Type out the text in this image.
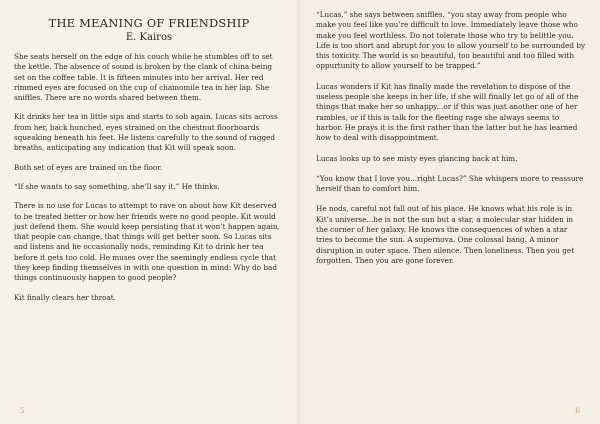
THE MEANING OF FRIENDSHIP
E. Kairos

She seats herself on the edge of his couch while he stumbles off to set the kettle. The absence of sound is broken by the clank of china being set on the coffee table. It is fifteen minutes into her arrival. Her red rimmed eyes are focused on the cup of chamomile tea in her lap. She sniffles. There are no words shared between them.

Kit drinks her tea in little sips and starts to sob again. Lucas sits across from her, back hunched, eyes strained on the chestnut floorboards squeaking beneath his feet. He listens carefully to the sound of ragged breaths, anticipating any indication that Kit will speak soon.

Both set of eyes are trained on the floor.

“If she wants to say something, she’ll say it.” He thinks.

There is no use for Lucas to attempt to rave on about how Kit deserved to be treated better or how her friends were no good people. Kit would just defend them. She would keep persisting that it won’t happen again, that people can change, that things will get better soon. So Lucas sits and listens and he occasionally nods, reminding Kit to drink her tea before it gets too cold. He muses over the seemingly endless cycle that they keep finding themselves in with one question in mind: Why do bad things continuously happen to good people?

Kit finally clears her throat.

5

“Lucas,” she says between sniffles, “you stay away from people who make you feel like you’re difficult to love. Immediately leave those who make you feel worthless. Do not tolerate those who try to belittle you. Life is too short and abrupt for you to allow yourself to be surrounded by this toxicity. The world is so beautiful, too beautiful and too filled with oppurtunity to allow yourself to be trapped.”

Lucas wonders if Kit has finally made the revelation to dispose of the useless people she keeps in her life, if she will finally let go of all of the things that make her so unhappy...or if this was just another one of her rambles, or if this is talk for the fleeting rage she always seems to harbor. He prays it is the first rather than the latter but he has learned how to deal with disappointment.

Lucas looks up to see misty eyes glancing back at him.

“You know that I love you...right Lucas?” She whispers more to reassure herself than to comfort him.

He nods, careful not fall out of his place. He knows what his role is in Kit’s universe...he is not the sun but a star, a molecular star hidden in the corner of her galaxy. He knows the consequences of when a star tries to become the sun. A supernova. One colossal bang. A minor disruption in outer space. Then silence. Then loneliness. Then you get forgotten. Then you are gone forever.

6
